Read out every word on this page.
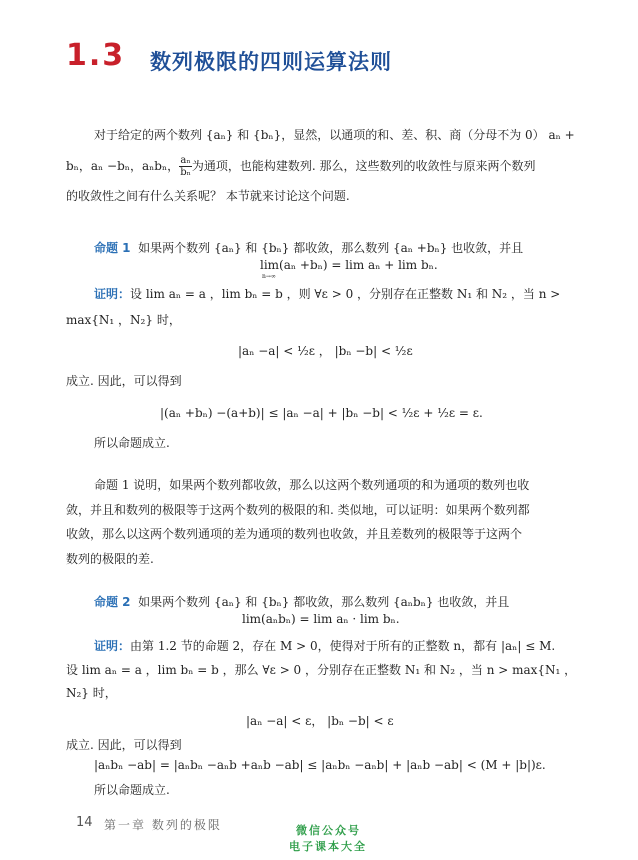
1.3 数列极限的四则运算法则
对于给定的两个数列 {aₙ} 和 {bₙ}，显然，以通项的和、差、积、商（分母不为 0） aₙ +
bₙ，aₙ −bₙ，aₙbₙ， $\frac{\text{aₙ}}{\text{bₙ}}$ 为通项，也能构建数列. 那么，这些数列的收敛性与原来两个数列
的收敛性之间有什么关系呢？ 本节就来讨论这个问题.
命题 1 如果两个数列 {aₙ} 和 {bₙ} 都收敛，那么数列 {aₙ +bₙ} 也收敛，并且
lim(aₙ +bₙ) = lim aₙ + lim bₙ.
n→∞
证明：设 lim aₙ = a ，lim bₙ = b ，则 ∀ε > 0 ，分别存在正整数 N₁ 和 N₂ ，当 n >
max{N₁ ，N₂} 时，
|aₙ −a| < ½ε ， |bₙ −b| < ½ε
成立. 因此，可以得到
|(aₙ +bₙ) −(a+b)| ≤ |aₙ −a| + |bₙ −b| < ½ε + ½ε = ε.
所以命题成立.
命题 1 说明，如果两个数列都收敛，那么以这两个数列通项的和为通项的数列也收
敛，并且和数列的极限等于这两个数列的极限的和. 类似地，可以证明：如果两个数列都
收敛，那么以这两个数列通项的差为通项的数列也收敛，并且差数列的极限等于这两个
数列的极限的差.
命题 2 如果两个数列 {aₙ} 和 {bₙ} 都收敛，那么数列 {aₙbₙ} 也收敛，并且
lim(aₙbₙ) = lim aₙ · lim bₙ.
证明：由第 1.2 节的命题 2，存在 M > 0，使得对于所有的正整数 n，都有 |aₙ| ≤ M.
设 lim aₙ = a ，lim bₙ = b ，那么 ∀ε > 0 ，分别存在正整数 N₁ 和 N₂ ，当 n > max{N₁ ，
N₂} 时，
|aₙ −a| < ε， |bₙ −b| < ε
成立. 因此，可以得到
|aₙbₙ −ab| = |aₙbₙ −aₙb +aₙb −ab| ≤ |aₙbₙ −aₙb| + |aₙb −ab| < (M + |b|)ε.
所以命题成立.
14 第一章 数列的极限	微信公众号
电子课本大全
